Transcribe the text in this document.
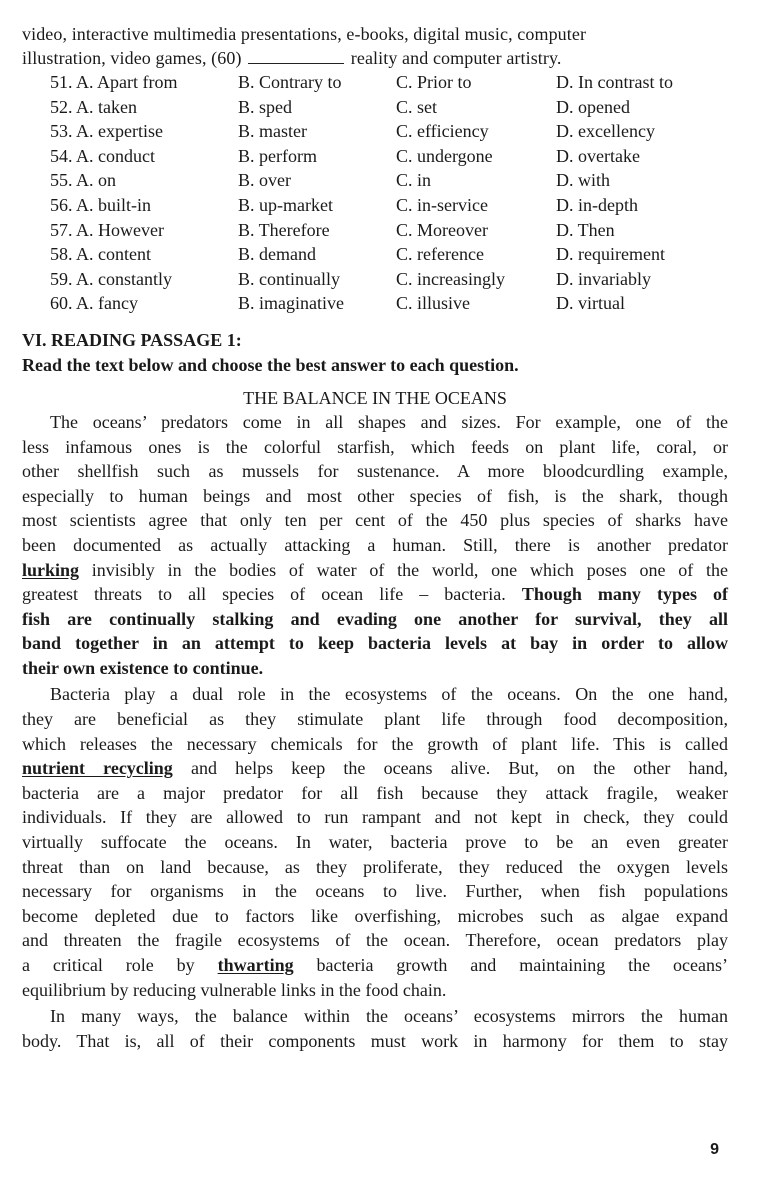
video, interactive multimedia presentations, e-books, digital music, computer
illustration, video games, (60)	reality and computer artistry.
51. A. Apart from	B. Contrary to	C. Prior to	D. In contrast to
52. A. taken	B. sped	C. set	D. opened
53. A. expertise	B. master	C. efficiency	D. excellency
54. A. conduct	B. perform	C. undergone	D. overtake
55. A. on	B. over	C. in	D. with
56. A. built-in	B. up-market	C. in-service	D. in-depth
57. A. However	B. Therefore	C. Moreover	D. Then
58. A. content	B. demand	C. reference	D. requirement
59. A. constantly	B. continually	C. increasingly	D. invariably
60. A. fancy	B. imaginative	C. illusive	D. virtual
VI. READING PASSAGE 1:
Read the text below and choose the best answer to each question.
THE BALANCE IN THE OCEANS
The oceans’ predators come in all shapes and sizes. For example, one of the
less infamous ones is the colorful starfish, which feeds on plant life, coral, or
other shellfish such as mussels for sustenance. A more bloodcurdling example,
especially to human beings and most other species of fish, is the shark, though
most scientists agree that only ten per cent of the 450 plus species of sharks have
been documented as actually attacking a human. Still, there is another predator
lurking invisibly in the bodies of water of the world, one which poses one of the
greatest threats to all species of ocean life – bacteria. Though many types of
fish are continually stalking and evading one another for survival, they all
band together in an attempt to keep bacteria levels at bay in order to allow
their own existence to continue.
Bacteria play a dual role in the ecosystems of the oceans. On the one hand,
they are beneficial as they stimulate plant life through food decomposition,
which releases the necessary chemicals for the growth of plant life. This is called
nutrient recycling and helps keep the oceans alive. But, on the other hand,
bacteria are a major predator for all fish because they attack fragile, weaker
individuals. If they are allowed to run rampant and not kept in check, they could
virtually suffocate the oceans. In water, bacteria prove to be an even greater
threat than on land because, as they proliferate, they reduced the oxygen levels
necessary for organisms in the oceans to live. Further, when fish populations
become depleted due to factors like overfishing, microbes such as algae expand
and threaten the fragile ecosystems of the ocean. Therefore, ocean predators play
a critical role by thwarting bacteria growth and maintaining the oceans’
equilibrium by reducing vulnerable links in the food chain.
In many ways, the balance within the oceans’ ecosystems mirrors the human
body. That is, all of their components must work in harmony for them to stay
9
